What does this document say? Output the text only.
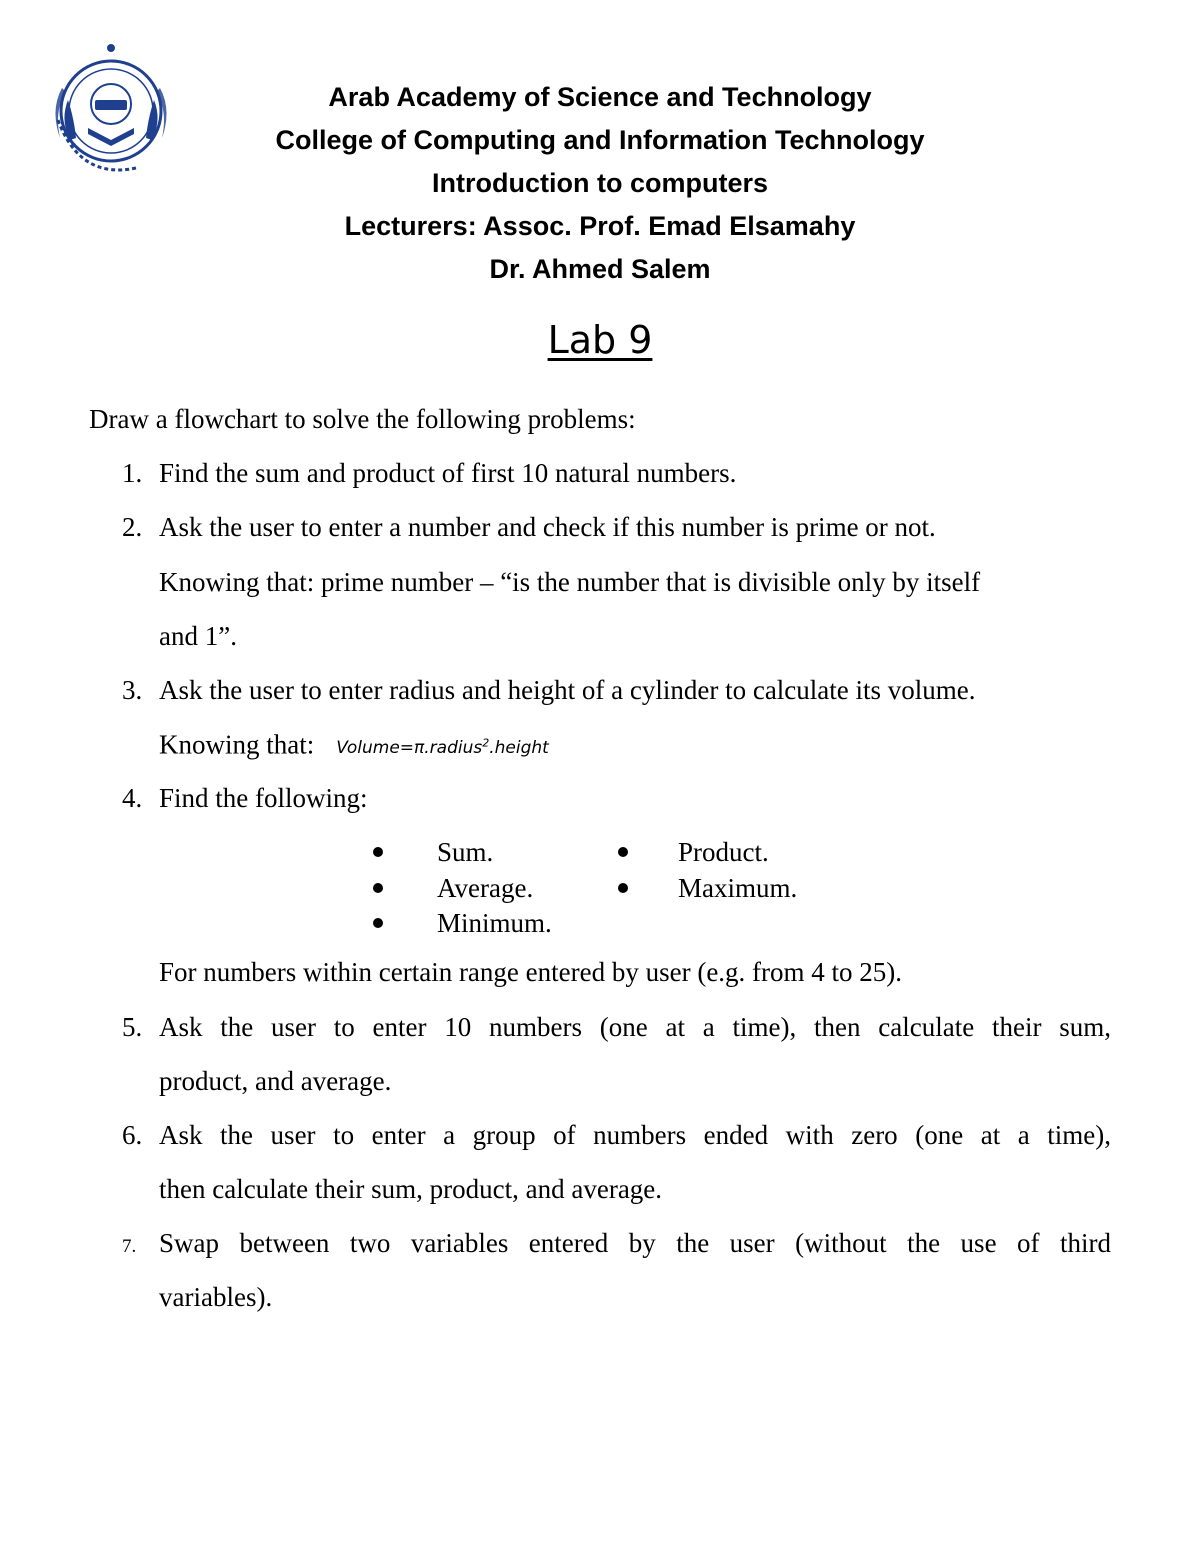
Arab Academy of Science and Technology
College of Computing and Information Technology
Introduction to computers
Lecturers: Assoc. Prof. Emad Elsamahy
Dr. Ahmed Salem
Lab 9
Draw a flowchart to solve the following problems:
1. Find the sum and product of first 10 natural numbers.
2. Ask the user to enter a number and check if this number is prime or not.
Knowing that: prime number – “is the number that is divisible only by itself
and 1”.
3. Ask the user to enter radius and height of a cylinder to calculate its volume.
Knowing that: Volume=π.radius$^2$.height
4. Find the following:
Sum.	Product.
Average.	Maximum.
Minimum.
For numbers within certain range entered by user (e.g. from 4 to 25).
5. Ask the user to enter 10 numbers (one at a time), then calculate their sum,
product, and average.
6. Ask the user to enter a group of numbers ended with zero (one at a time),
then calculate their sum, product, and average.
7. Swap between two variables entered by the user (without the use of third
variables).
